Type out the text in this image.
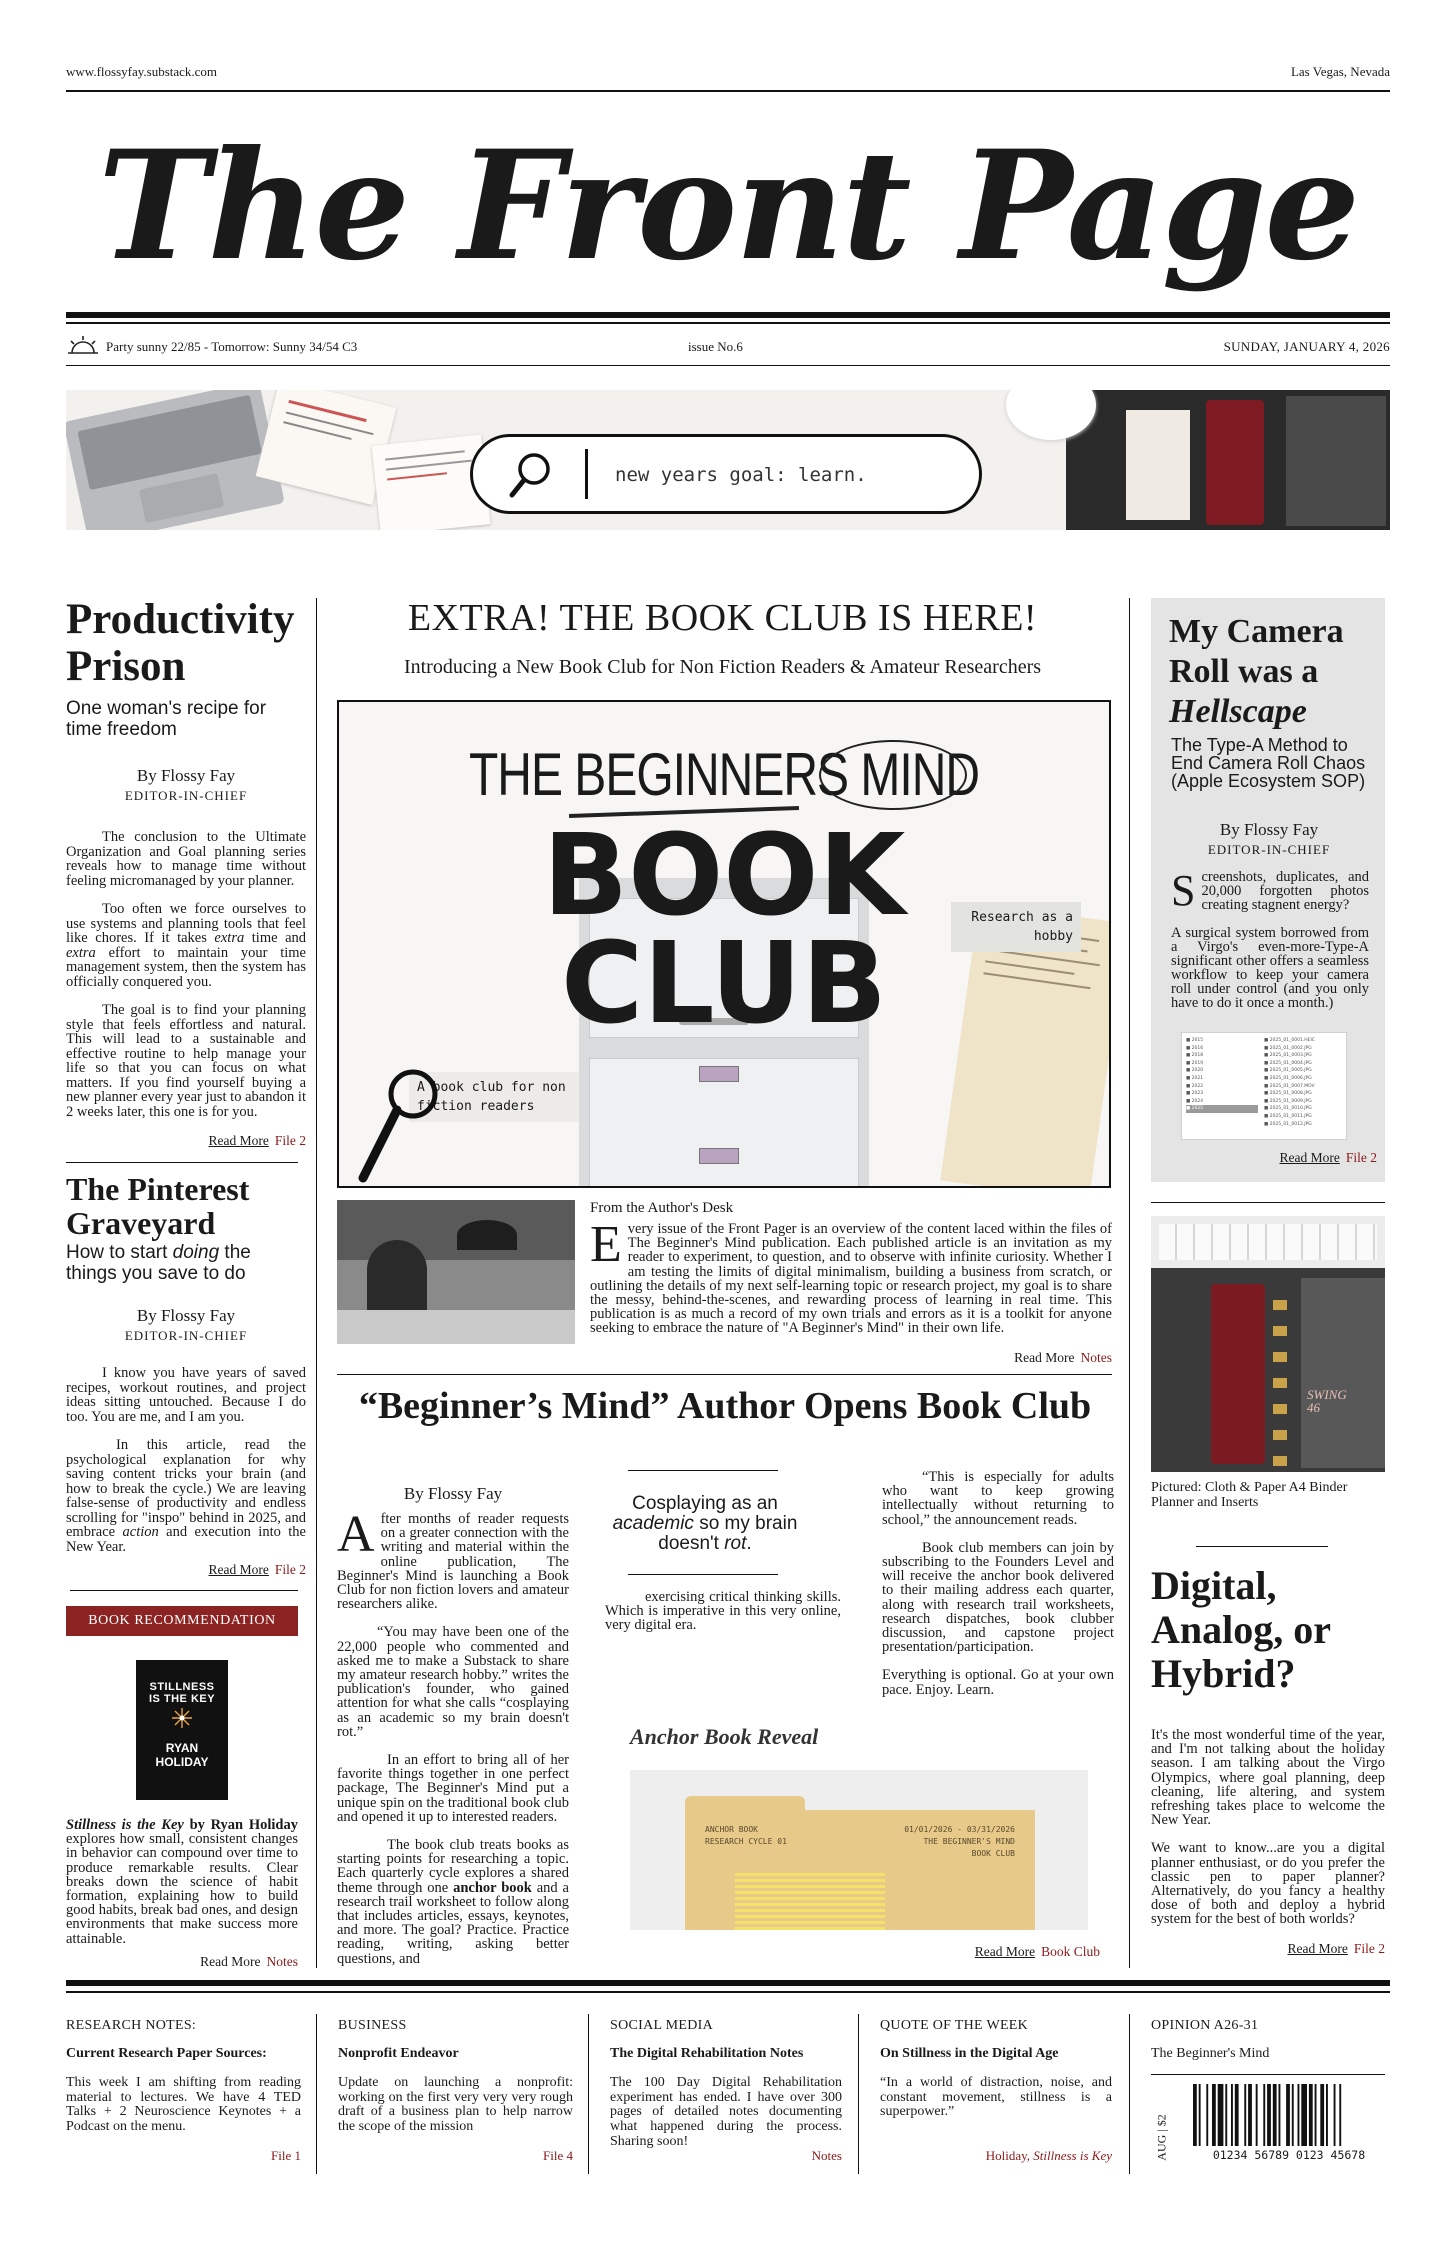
www.flossyfay.substack.com	Las Vegas, Nevada
The Front Page
Party sunny 22/85 - Tomorrow: Sunny 34/54 C3	issue No.6	SUNDAY, JANUARY 4, 2026
new years goal: learn.
Productivity Prison
One woman's recipe for time freedom
By Flossy Fay
EDITOR-IN-CHIEF

The conclusion to the Ultimate Organization and Goal planning series reveals how to manage time without feeling micromanaged by your planner.

Too often we force ourselves to use systems and planning tools that feel like chores. If it takes extra time and extra effort to maintain your time management system, then the system has officially conquered you.

The goal is to find your planning style that feels effortless and natural. This will lead to a sustainable and effective routine to help manage your life so that you can focus on what matters. If you find yourself buying a new planner every year just to abandon it 2 weeks later, this one is for you.

Read More File 2
The Pinterest Graveyard
How to start doing the things you save to do
By Flossy Fay
EDITOR-IN-CHIEF

I know you have years of saved recipes, workout routines, and project ideas sitting untouched. Because I do too. You are me, and I am you.

In this article, read the psychological explanation for why saving content tricks your brain (and how to break the cycle.) We are leaving false-sense of productivity and endless scrolling for "inspo" behind in 2025, and embrace action and execution into the New Year.

Read More File 2
BOOK RECOMMENDATION

STILLNESS
IS THE KEY
RYAN
HOLIDAY
Stillness is the Key by Ryan Holiday explores how small, consistent changes in behavior can compound over time to produce remarkable results. Clear breaks down the science of habit formation, explaining how to build good habits, break bad ones, and design environments that make success more attainable.
Read More Notes
EXTRA! THE BOOK CLUB IS HERE!
Introducing a New Book Club for Non Fiction Readers & Amateur Researchers
THE BEGINNERS MIND
BOOK
CLUB
Research as a hobby
A book club for non fiction readers
From the Author's Desk
Every issue of the Front Pager is an overview of the content laced within the files of The Beginner's Mind publication. Each published article is an invitation as my reader to experiment, to question, and to observe with infinite curiosity. Whether I am testing the limits of digital minimalism, building a business from scratch, or outlining the details of my next self-learning topic or research project, my goal is to share the messy, behind-the-scenes, and rewarding process of learning in real time. This publication is as much a record of my own trials and errors as it is a toolkit for anyone seeking to embrace the nature of "A Beginner's Mind" in their own life.
Read More Notes
“Beginner’s Mind” Author Opens Book Club
By Flossy Fay

After months of reader requests on a greater connection with the writing and material within the online publication, The Beginner's Mind is launching a Book Club for non fiction lovers and amateur researchers alike.

“You may have been one of the 22,000 people who commented and asked me to make a Substack to share my amateur research hobby.” writes the publication's founder, who gained attention for what she calls “cosplaying as an academic so my brain doesn't rot.”

In an effort to bring all of her favorite things together in one perfect package, The Beginner's Mind put a unique spin on the traditional book club and opened it up to interested readers.

The book club treats books as starting points for researching a topic. Each quarterly cycle explores a shared theme through one anchor book and a research trail worksheet to follow along that includes articles, essays, keynotes, and more. The goal? Practice. Practice reading, writing, asking better questions, and

Cosplaying as an academic so my brain doesn't rot.

exercising critical thinking skills. Which is imperative in this very online, very digital era.

“This is especially for adults who want to keep growing intellectually without returning to school,” the announcement reads.

Book club members can join by subscribing to the Founders Level and will receive the anchor book delivered to their mailing address each quarter, along with research trail worksheets, research dispatches, book clubber discussion, and capstone project presentation/participation.

Everything is optional. Go at your own pace. Enjoy. Learn.

Anchor Book Reveal
ANCHOR BOOK
RESEARCH CYCLE 01
01/01/2026 - 03/31/2026
THE BEGINNER'S MIND
BOOK CLUB
Read More Book Club
My Camera Roll was a
Hellscape
The Type-A Method to End Camera Roll Chaos (Apple Ecosystem SOP)
By Flossy Fay
EDITOR-IN-CHIEF

Screenshots, duplicates, and 20,000 forgotten photos creating stagnent energy?

A surgical system borrowed from a Virgo's even-more-Type-A significant other offers a seamless workflow to keep your camera roll under control (and you only have to do it once a month.)

■ 2015
■ 2016
■ 2018
■ 2019
■ 2020
■ 2021
■ 2022
■ 2023
■ 2024
■ 2025
■ 2025_01_0001.HEIC
■ 2025_01_0002.JPG
■ 2025_01_0003.JPG
■ 2025_01_0004.JPG
■ 2025_01_0005.JPG
■ 2025_01_0006.JPG
■ 2025_01_0007.MOV
■ 2025_01_0008.JPG
■ 2025_01_0009.JPG
■ 2025_01_0010.JPG
■ 2025_01_0011.JPG
■ 2025_01_0012.JPG
Read More File 2
SWING
46
Pictured: Cloth & Paper A4 Binder Planner and Inserts
Digital, Analog, or Hybrid?

It's the most wonderful time of the year, and I'm not talking about the holiday season. I am talking about the Virgo Olympics, where goal planning, deep cleaning, life altering, and system refreshing takes place to welcome the New Year.

We want to know...are you a digital planner enthusiast, or do you prefer the classic pen to paper planner? Alternatively, do you fancy a healthy dose of both and deploy a hybrid system for the best of both worlds?

Read More File 2
RESEARCH NOTES:
Current Research Paper Sources:
This week I am shifting from reading material to lectures. We have 4 TED Talks + 2 Neuroscience Keynotes + a Podcast on the menu.
File 1
BUSINESS
Nonprofit Endeavor
Update on launching a nonprofit: working on the first very very very rough draft of a business plan to help narrow the scope of the mission
File 4
SOCIAL MEDIA
The Digital Rehabilitation Notes
The 100 Day Digital Rehabilitation experiment has ended. I have over 300 pages of detailed notes documenting what happened during the process. Sharing soon!
Notes
QUOTE OF THE WEEK
On Stillness in the Digital Age
“In a world of distraction, noise, and constant movement, stillness is a superpower.”
Holiday, Stillness is Key
OPINION A26-31
The Beginner's Mind
AUG | $2	01234 56789 0123 45678
